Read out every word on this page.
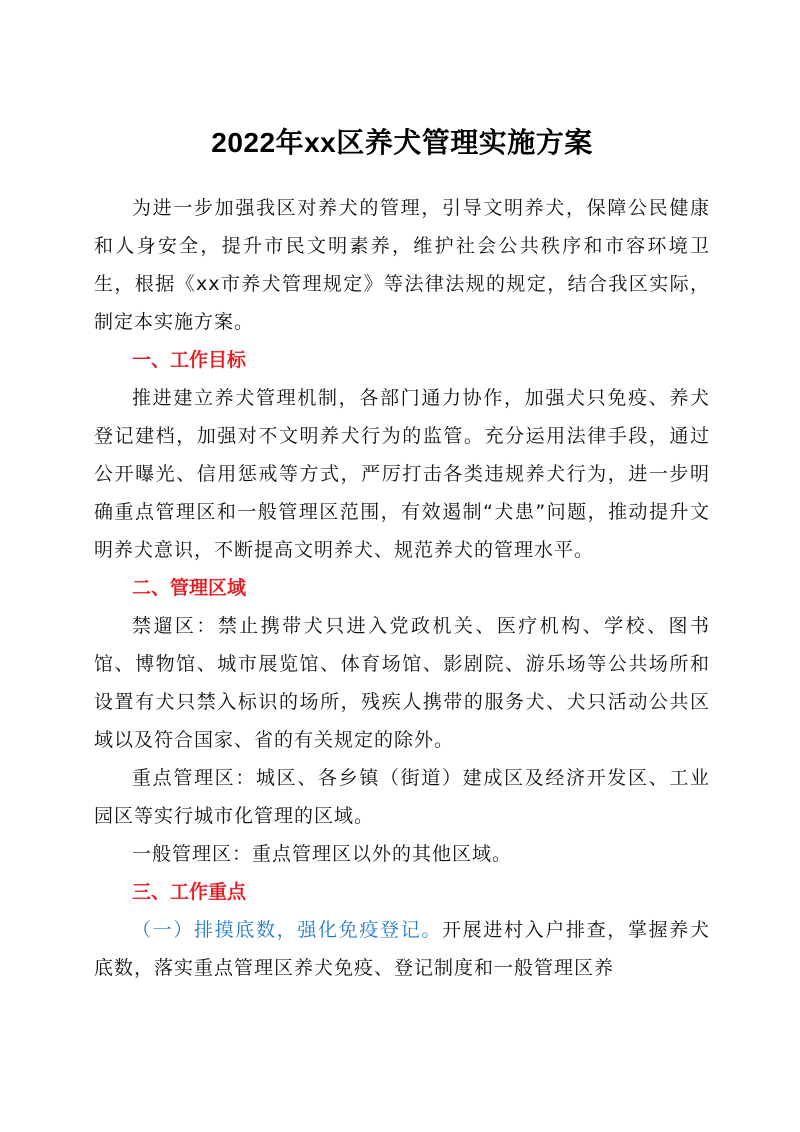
2022年xx区养犬管理实施方案

为进一步加强我区对养犬的管理，引导文明养犬，保障公民健康和人身安全，提升市民文明素养，维护社会公共秩序和市容环境卫生，根据《xx市养犬管理规定》等法律法规的规定，结合我区实际，制定本实施方案。

一、工作目标

推进建立养犬管理机制，各部门通力协作，加强犬只免疫、养犬登记建档，加强对不文明养犬行为的监管。充分运用法律手段，通过公开曝光、信用惩戒等方式，严厉打击各类违规养犬行为，进一步明确重点管理区和一般管理区范围，有效遏制“犬患”问题，推动提升文明养犬意识，不断提高文明养犬、规范养犬的管理水平。

二、管理区域

禁遛区：禁止携带犬只进入党政机关、医疗机构、学校、图书馆、博物馆、城市展览馆、体育场馆、影剧院、游乐场等公共场所和设置有犬只禁入标识的场所，残疾人携带的服务犬、犬只活动公共区域以及符合国家、省的有关规定的除外。

重点管理区：城区、各乡镇（街道）建成区及经济开发区、工业园区等实行城市化管理的区域。

一般管理区：重点管理区以外的其他区域。

三、工作重点

（一）排摸底数，强化免疫登记。开展进村入户排查，掌握养犬底数，落实重点管理区养犬免疫、登记制度和一般管理区养
